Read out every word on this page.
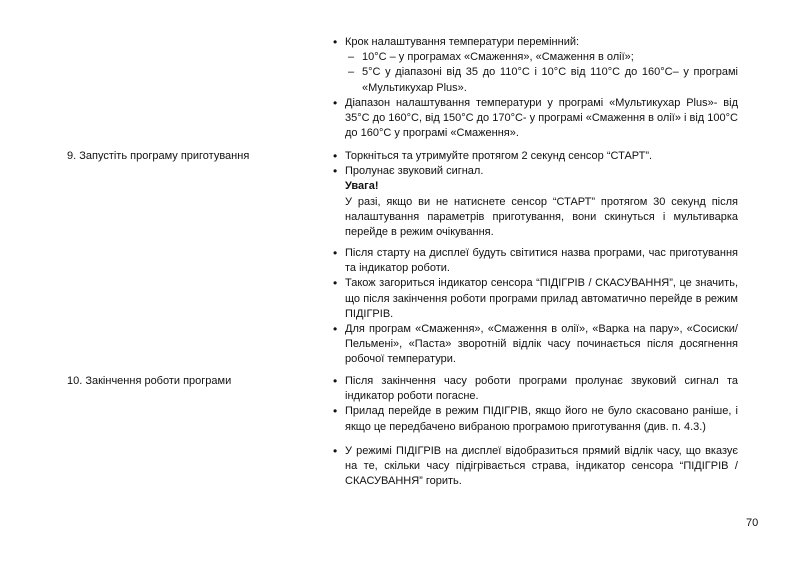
• Крок налаштування температури перемінний:
– 10°C – у програмах «Смаження», «Смаження в олії»;
– 5°C у діапазоні від 35 до 110°C і 10°C від 110°C до 160°C– у програмі «Мультикухар Plus».
• Діапазон налаштування температури у програмі «Мультикухар Plus»- від 35°C до 160°C, від 150°C до 170°C- у програмі «Смаження в олії» і від 100°C до 160°C у програмі «Смаження».
9. Запустіть програму приготування	• Торкніться та утримуйте протягом 2 секунд сенсор “СТАРТ”.
• Пролунає звуковий сигнал.
Увага!
У разі, якщо ви не натиснете сенсор “СТАРТ” протягом 30 секунд після налаштування параметрів приготування, вони скинуться і мультиварка перейде в режим очікування.
• Після старту на дисплеї будуть світитися назва програми, час приготування та індикатор роботи.
• Також загориться індикатор сенсора “ПІДІГРІВ / СКАСУВАННЯ”, це значить, що після закінчення роботи програми прилад автоматично перейде в режим ПІДІГРІВ.
• Для програм «Смаження», «Смаження в олії», «Варка на пару», «Сосиски/Пельмені», «Паста» зворотній відлік часу починається після досягнення робочої температури.
10. Закінчення роботи програми	• Після закінчення часу роботи програми пролунає звуковий сигнал та індикатор роботи погасне.
• Прилад перейде в режим ПІДІГРІВ, якщо його не було скасовано раніше, і якщо це передбачено вибраною програмою приготування (див. п. 4.3.)
• У режимі ПІДІГРІВ на дисплеї відобразиться прямий відлік часу, що вказує на те, скільки часу підігрівається страва, індикатор сенсора “ПІДІГРІВ / СКАСУВАННЯ” горить.
70
